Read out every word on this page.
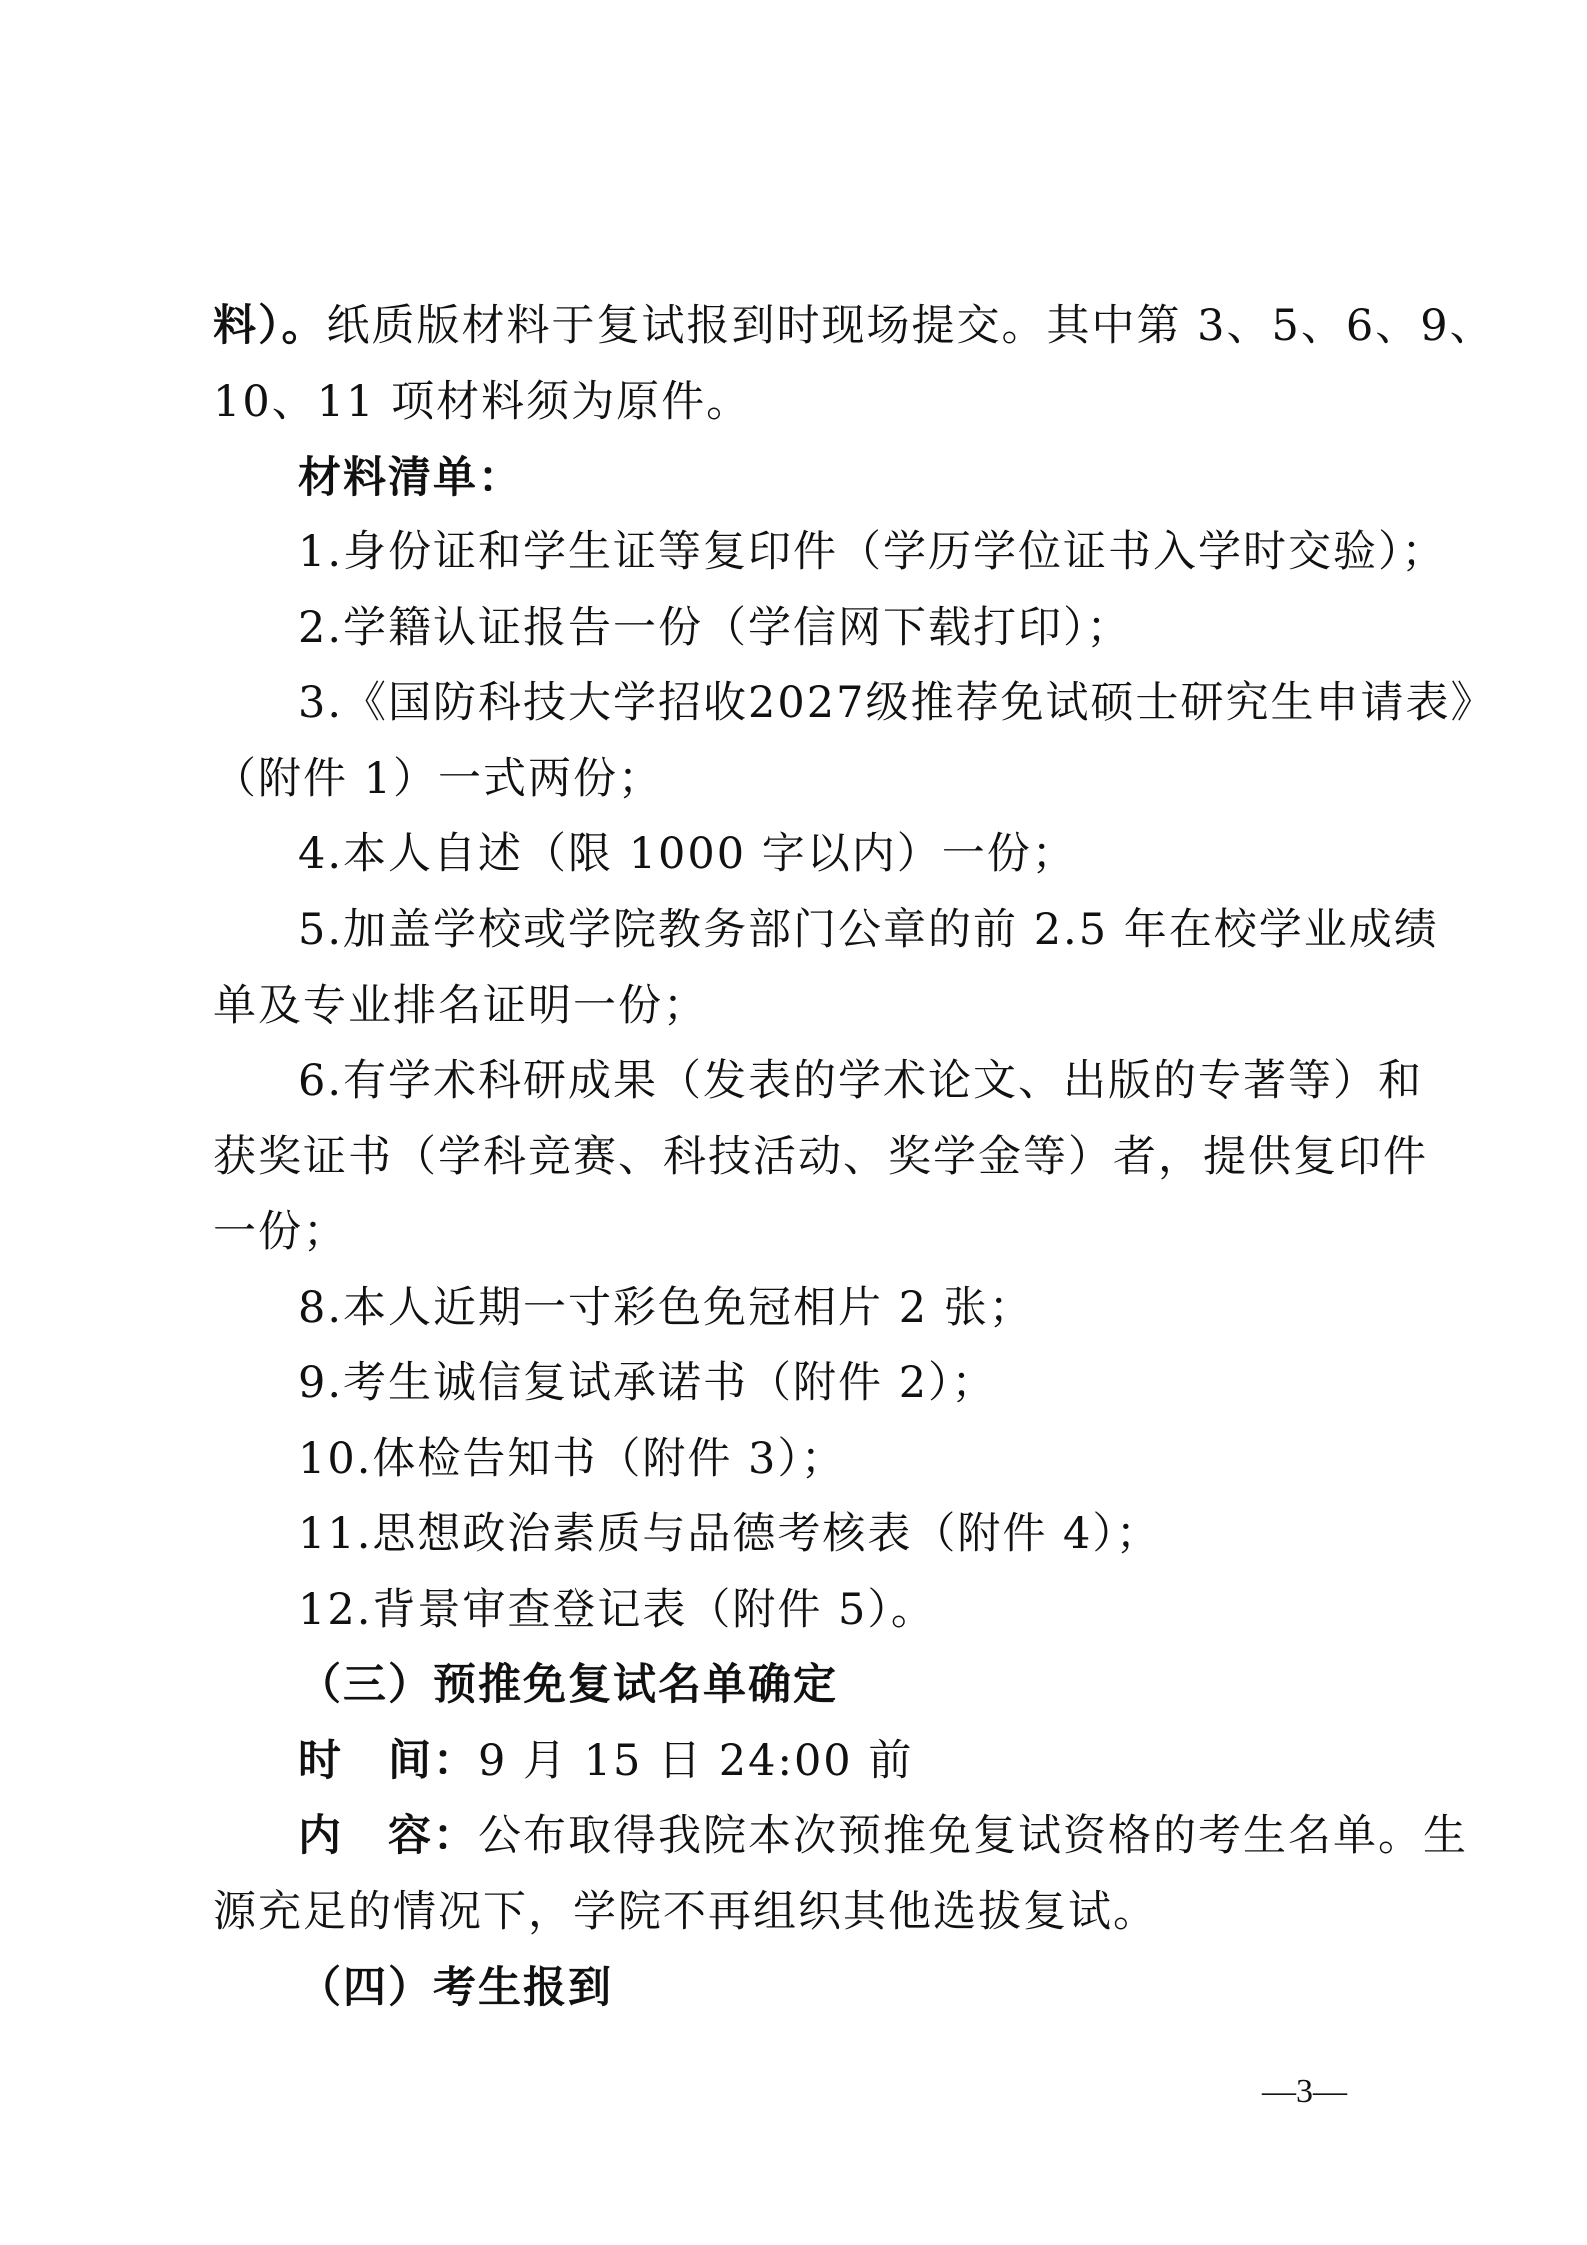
料）。纸质版材料于复试报到时现场提交。其中第 3、5、6、9、
10、11 项材料须为原件。
材料清单：
1.身份证和学生证等复印件（学历学位证书入学时交验）；
2.学籍认证报告一份（学信网下载打印）；
3.《国防科技大学招收2027级推荐免试硕士研究生申请表》
（附件 1）一式两份；
4.本人自述（限 1000 字以内）一份；
5.加盖学校或学院教务部门公章的前 2.5 年在校学业成绩
单及专业排名证明一份；
6.有学术科研成果（发表的学术论文、出版的专著等）和
获奖证书（学科竞赛、科技活动、奖学金等）者，提供复印件
一份；
8.本人近期一寸彩色免冠相片 2 张；
9.考生诚信复试承诺书（附件 2）；
10.体检告知书（附件 3）；
11.思想政治素质与品德考核表（附件 4）；
12.背景审查登记表（附件 5）。
（三）预推免复试名单确定
时　间：9 月 15 日 24:00 前
内　容：公布取得我院本次预推免复试资格的考生名单。生
源充足的情况下，学院不再组织其他选拔复试。
（四）考生报到
—3—
